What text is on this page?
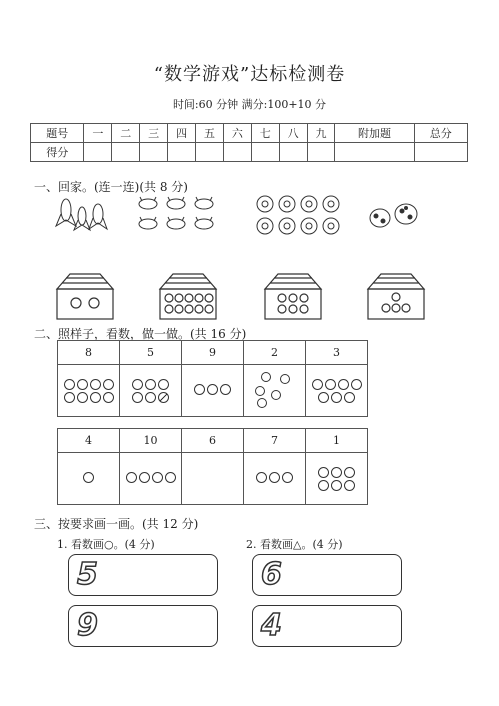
“数学游戏”达标检测卷
时间:60 分钟 满分:100+10 分
题号	一	二	三	四	五	六	七	八	九	附加题	总分
得分											
一、回家。(连一连)(共 8 分)
二、照样子，看数，做一做。(共 16 分)
8	5	9	2	3

4	10	6	7	1

三、按要求画一画。(共 12 分)
1. 看数画○。(4 分)	2. 看数画△。(4 分)
5	6
9	4
